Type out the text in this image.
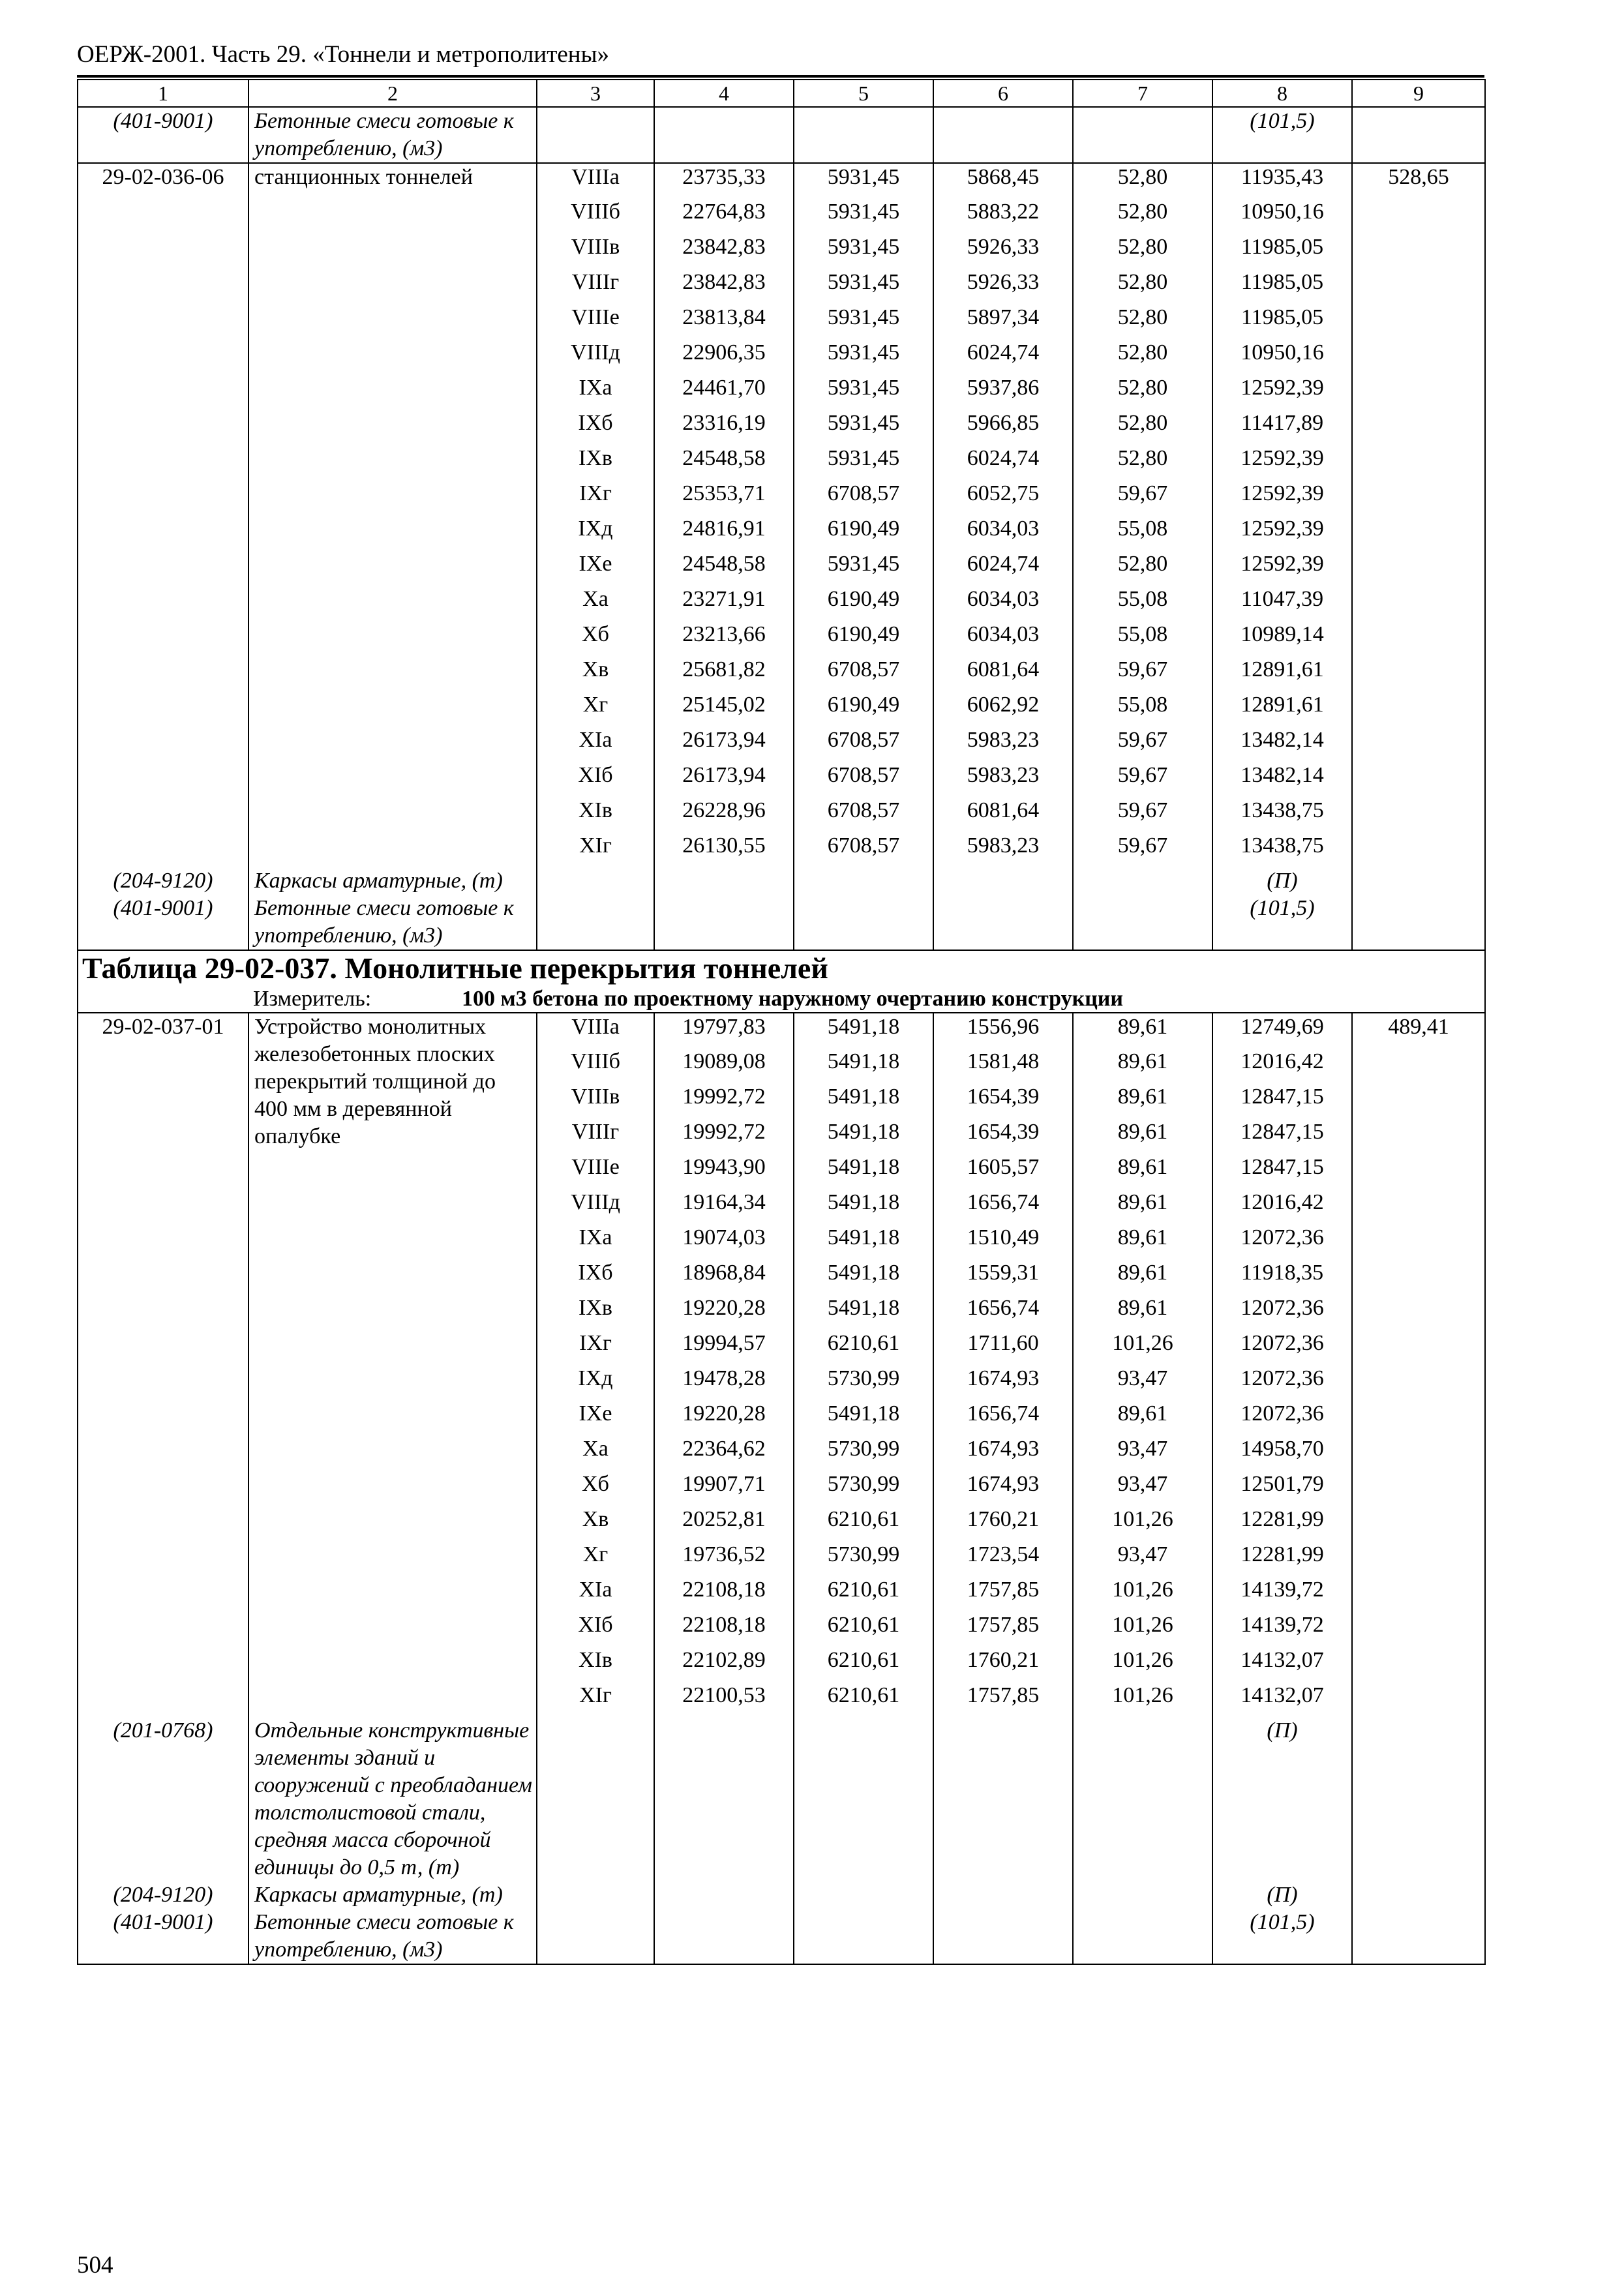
ОЕРЖ-2001. Часть 29. «Тоннели и метрополитены»
1	2	3	4	5	6	7	8	9
(401-9001)	Бетонные смеси готовые к употреблению, (м3)						(101,5)	
29-02-036-06	станционных тоннелей	VIIIа	23735,33	5931,45	5868,45	52,80	11935,43	528,65
		VIIIб	22764,83	5931,45	5883,22	52,80	10950,16	
		VIIIв	23842,83	5931,45	5926,33	52,80	11985,05	
		VIIIг	23842,83	5931,45	5926,33	52,80	11985,05	
		VIIIе	23813,84	5931,45	5897,34	52,80	11985,05	
		VIIIд	22906,35	5931,45	6024,74	52,80	10950,16	
		IXа	24461,70	5931,45	5937,86	52,80	12592,39	
		IXб	23316,19	5931,45	5966,85	52,80	11417,89	
		IXв	24548,58	5931,45	6024,74	52,80	12592,39	
		IXг	25353,71	6708,57	6052,75	59,67	12592,39	
		IXд	24816,91	6190,49	6034,03	55,08	12592,39	
		IXе	24548,58	5931,45	6024,74	52,80	12592,39	
		Xа	23271,91	6190,49	6034,03	55,08	11047,39	
		Xб	23213,66	6190,49	6034,03	55,08	10989,14	
		Xв	25681,82	6708,57	6081,64	59,67	12891,61	
		Xг	25145,02	6190,49	6062,92	55,08	12891,61	
		XIа	26173,94	6708,57	5983,23	59,67	13482,14	
		XIб	26173,94	6708,57	5983,23	59,67	13482,14	
		XIв	26228,96	6708,57	6081,64	59,67	13438,75	
		XIг	26130,55	6708,57	5983,23	59,67	13438,75	
(204-9120)	Каркасы арматурные, (т)						(П)	
(401-9001)	Бетонные смеси готовые к употреблению, (м3)						(101,5)	

Таблица 29-02-037. Монолитные перекрытия тоннелей
Измеритель: 100 м3 бетона по проектному наружному очертанию конструкции								

29-02-037-01	Устройство монолитных железобетонных плоских перекрытий толщиной до 400 мм в деревянной опалубке	VIIIа	19797,83	5491,18	1556,96	89,61	12749,69	489,41
		VIIIб	19089,08	5491,18	1581,48	89,61	12016,42	
		VIIIв	19992,72	5491,18	1654,39	89,61	12847,15	
		VIIIг	19992,72	5491,18	1654,39	89,61	12847,15	
		VIIIе	19943,90	5491,18	1605,57	89,61	12847,15	
		VIIIд	19164,34	5491,18	1656,74	89,61	12016,42	
		IXа	19074,03	5491,18	1510,49	89,61	12072,36	
		IXб	18968,84	5491,18	1559,31	89,61	11918,35	
		IXв	19220,28	5491,18	1656,74	89,61	12072,36	
		IXг	19994,57	6210,61	1711,60	101,26	12072,36	
		IXд	19478,28	5730,99	1674,93	93,47	12072,36	
		IXе	19220,28	5491,18	1656,74	89,61	12072,36	
		Xа	22364,62	5730,99	1674,93	93,47	14958,70	
		Xб	19907,71	5730,99	1674,93	93,47	12501,79	
		Xв	20252,81	6210,61	1760,21	101,26	12281,99	
		Xг	19736,52	5730,99	1723,54	93,47	12281,99	
		XIа	22108,18	6210,61	1757,85	101,26	14139,72	
		XIб	22108,18	6210,61	1757,85	101,26	14139,72	
		XIв	22102,89	6210,61	1760,21	101,26	14132,07	
		XIг	22100,53	6210,61	1757,85	101,26	14132,07	
(201-0768)	Отдельные конструктивные элементы зданий и сооружений с преобладанием толстолистовой стали, средняя масса сборочной единицы до 0,5 т, (т)						(П)	
(204-9120)	Каркасы арматурные, (т)						(П)	
(401-9001)	Бетонные смеси готовые к употреблению, (м3)						(101,5)	
504
